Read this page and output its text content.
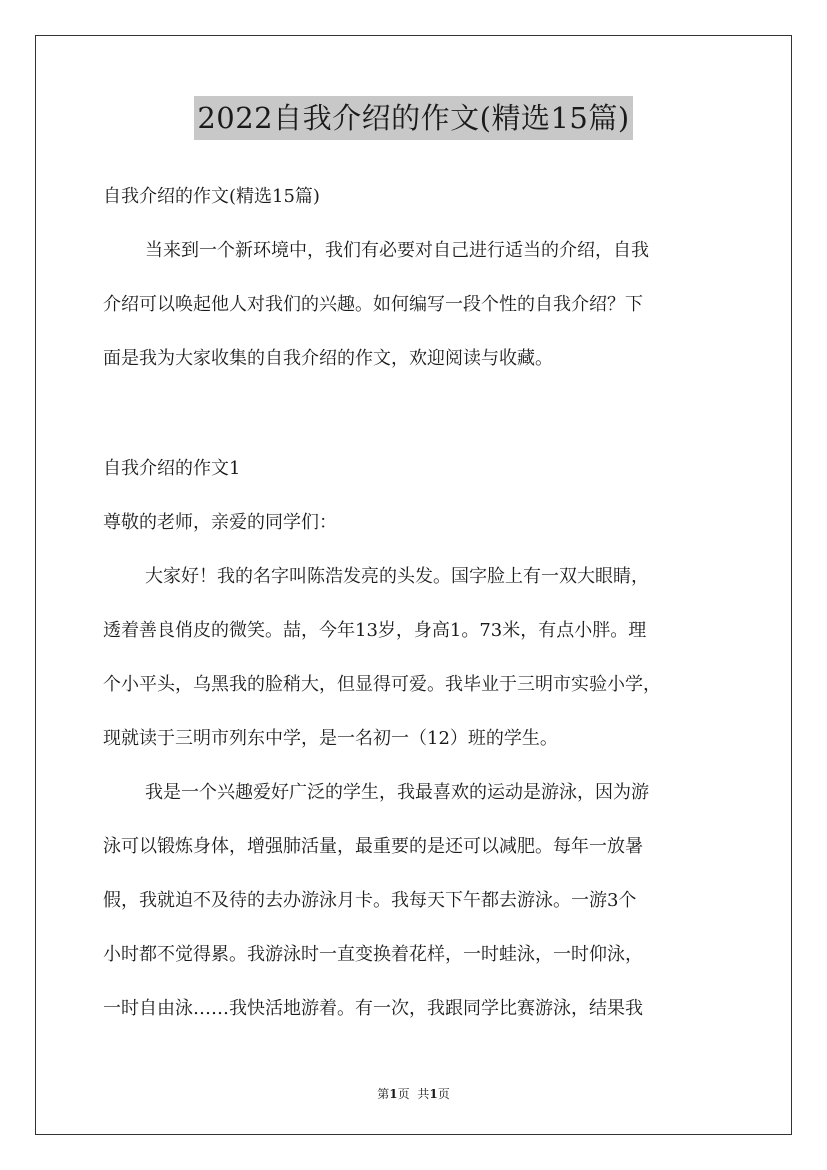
2022自我介绍的作文(精选15篇)
自我介绍的作文(精选15篇)
当来到一个新环境中，我们有必要对自己进行适当的介绍，自我
介绍可以唤起他人对我们的兴趣。如何编写一段个性的自我介绍？下
面是我为大家收集的自我介绍的作文，欢迎阅读与收藏。
自我介绍的作文1
尊敬的老师，亲爱的同学们：
大家好！我的名字叫陈浩发亮的头发。国字脸上有一双大眼睛，
透着善良俏皮的微笑。喆，今年13岁，身高1。73米，有点小胖。理
个小平头，乌黑我的脸稍大，但显得可爱。我毕业于三明市实验小学，
现就读于三明市列东中学，是一名初一（12）班的学生。
我是一个兴趣爱好广泛的学生，我最喜欢的运动是游泳，因为游
泳可以锻炼身体，增强肺活量，最重要的是还可以减肥。每年一放暑
假，我就迫不及待的去办游泳月卡。我每天下午都去游泳。一游3个
小时都不觉得累。我游泳时一直变换着花样，一时蛙泳，一时仰泳，
一时自由泳……我快活地游着。有一次，我跟同学比赛游泳，结果我
第1页 共1页
